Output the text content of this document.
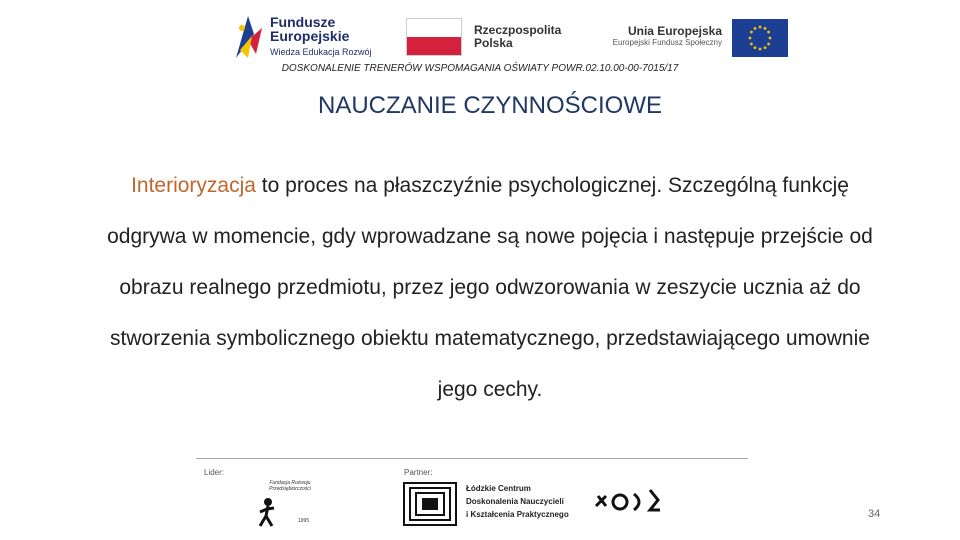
Fundusze
Europejskie
Wiedza Edukacja Rozwój
Rzeczpospolita
Polska
Unia Europejska
Europejski Fundusz Społeczny
DOSKONALENIE TRENERÓW WSPOMAGANIA OŚWIATY POWR.02.10.00-00-7015/17
NAUCZANIE CZYNNOŚCIOWE
Interioryzacja to proces na płaszczyźnie psychologicznej. Szczególną funkcję odgrywa w momencie, gdy wprowadzane są nowe pojęcia i następuje przejście od obrazu realnego przedmiotu, przez jego odwzorowania w zeszycie ucznia aż do stworzenia symbolicznego obiektu matematycznego, przedstawiającego umownie jego cechy.
Lider:	Partner:
Fundacja Rozwoju Przedsiębiorczości
1995
Łódzkie Centrum
Doskonalenia Nauczycieli
i Kształcenia Praktycznego	34
